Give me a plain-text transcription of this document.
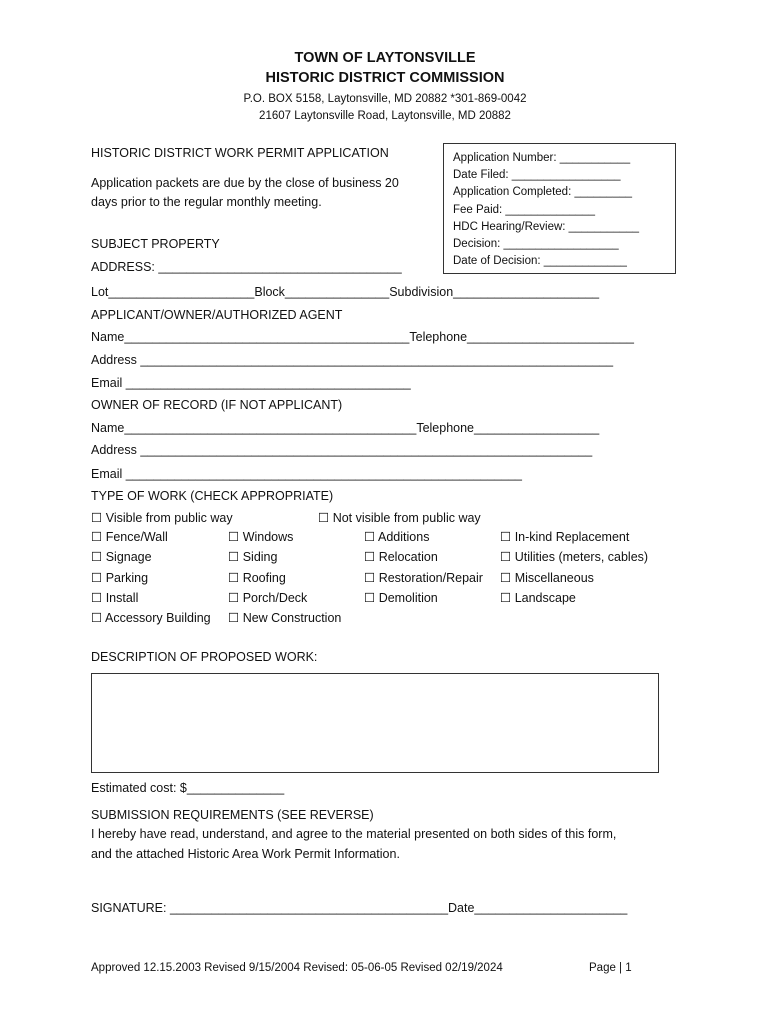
TOWN OF LAYTONSVILLE
HISTORIC DISTRICT COMMISSION
P.O. BOX 5158, Laytonsville, MD 20882 *301-869-0042
21607 Laytonsville Road, Laytonsville, MD 20882
HISTORIC DISTRICT WORK PERMIT APPLICATION
Application packets are due by the close of business 20
days prior to the regular monthly meeting.
Application Number: ___________
Date Filed: _________________
Application Completed: _________
Fee Paid: ______________
HDC Hearing/Review: ___________
Decision: __________________
Date of Decision: _____________
SUBJECT PROPERTY
ADDRESS: ___________________________________
Lot_____________________Block_______________Subdivision_____________________
APPLICANT/OWNER/AUTHORIZED AGENT
Name_________________________________________Telephone________________________
Address ____________________________________________________________________
Email _________________________________________
OWNER OF RECORD (IF NOT APPLICANT)
Name__________________________________________Telephone__________________
Address _________________________________________________________________
Email _________________________________________________________
TYPE OF WORK (CHECK APPROPRIATE)
☐ Visible from public way	☐ Not visible from public way
☐ Fence/Wall
☐ Signage
☐ Parking
☐ Install
☐ Accessory Building
☐ Windows
☐ Siding
☐ Roofing
☐ Porch/Deck
☐ New Construction
☐ Additions
☐ Relocation
☐ Restoration/Repair
☐ Demolition
☐ In-kind Replacement
☐ Utilities (meters, cables)
☐ Miscellaneous
☐ Landscape
DESCRIPTION OF PROPOSED WORK:
Estimated cost: $______________
SUBMISSION REQUIREMENTS (SEE REVERSE)
I hereby have read, understand, and agree to the material presented on both sides of this form,
and the attached Historic Area Work Permit Information.
SIGNATURE: ________________________________________Date______________________
Approved 12.15.2003 Revised 9/15/2004 Revised: 05-06-05 Revised 02/19/2024	Page | 1
